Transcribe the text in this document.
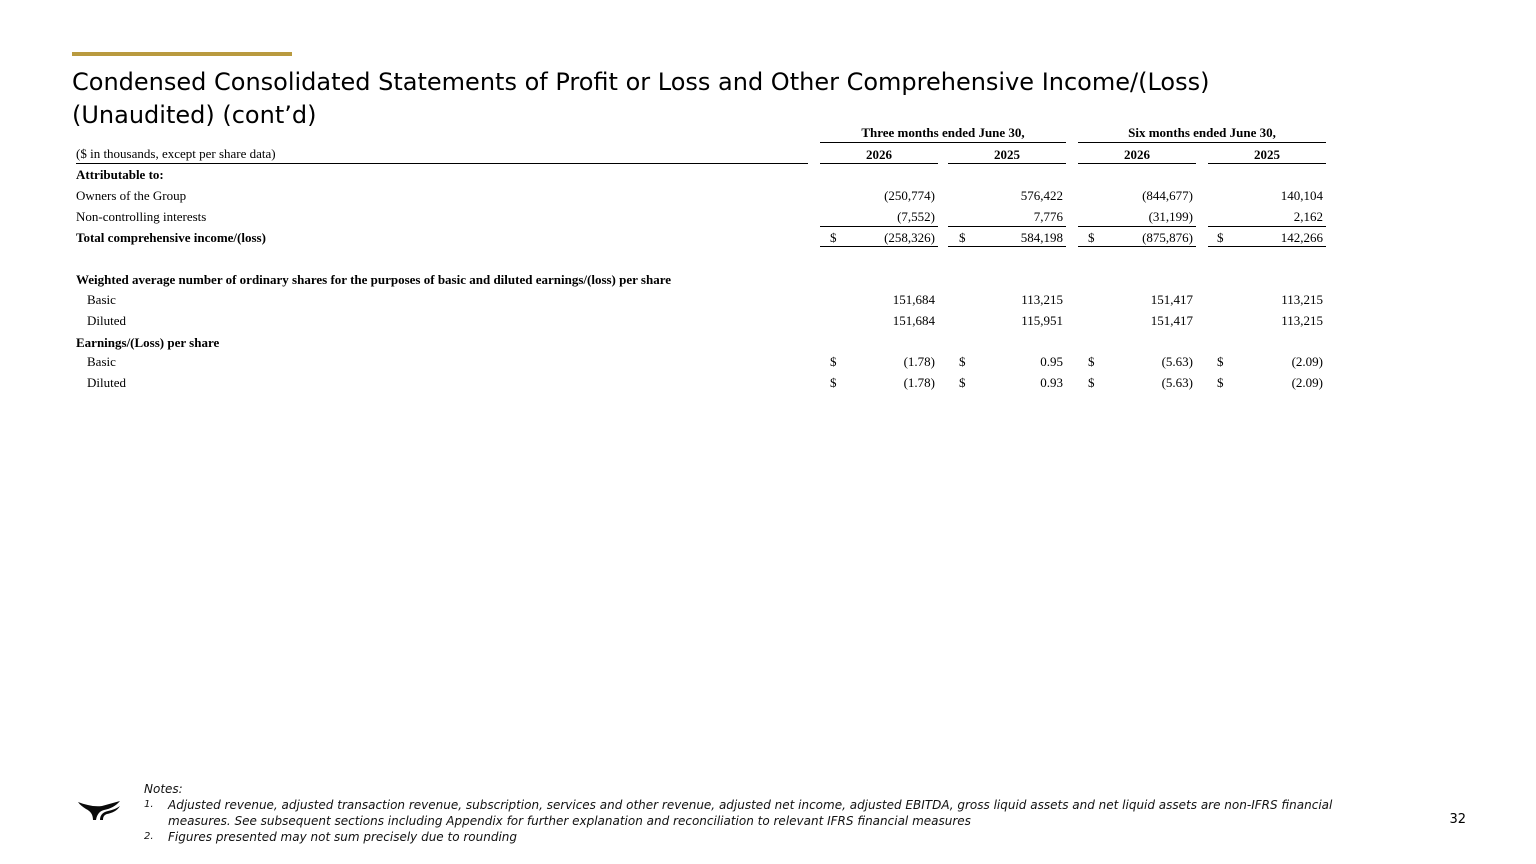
Condensed Consolidated Statements of Profit or Loss and Other Comprehensive Income/(Loss)
(Unaudited) (cont’d)
Three months ended June 30,	Six months ended June 30,
($ in thousands, except per share data)	2026	2025	2026	2025
Attributable to:
Owners of the Group	(250,774)	576,422	(844,677)	140,104
Non-controlling interests	(7,552)	7,776	(31,199)	2,162
Total comprehensive income/(loss)	$	(258,326) $	584,198 $	(875,876) $	142,266
Weighted average number of ordinary shares for the purposes of basic and diluted earnings/(loss) per share
Basic	151,684	113,215	151,417	113,215
Diluted	151,684	115,951	151,417	113,215
Earnings/(Loss) per share
Basic	$	(1.78) $	0.95 $	(5.63) $	(2.09)
Diluted	$	(1.78) $	0.93 $	(5.63) $	(2.09)
Notes:
1.	Adjusted revenue, adjusted transaction revenue, subscription, services and other revenue, adjusted net income, adjusted EBITDA, gross liquid assets and net liquid assets are non-IFRS financial measures. See subsequent sections including Appendix for further explanation and reconciliation to relevant IFRS financial measures
2.	Figures presented may not sum precisely due to rounding
32
